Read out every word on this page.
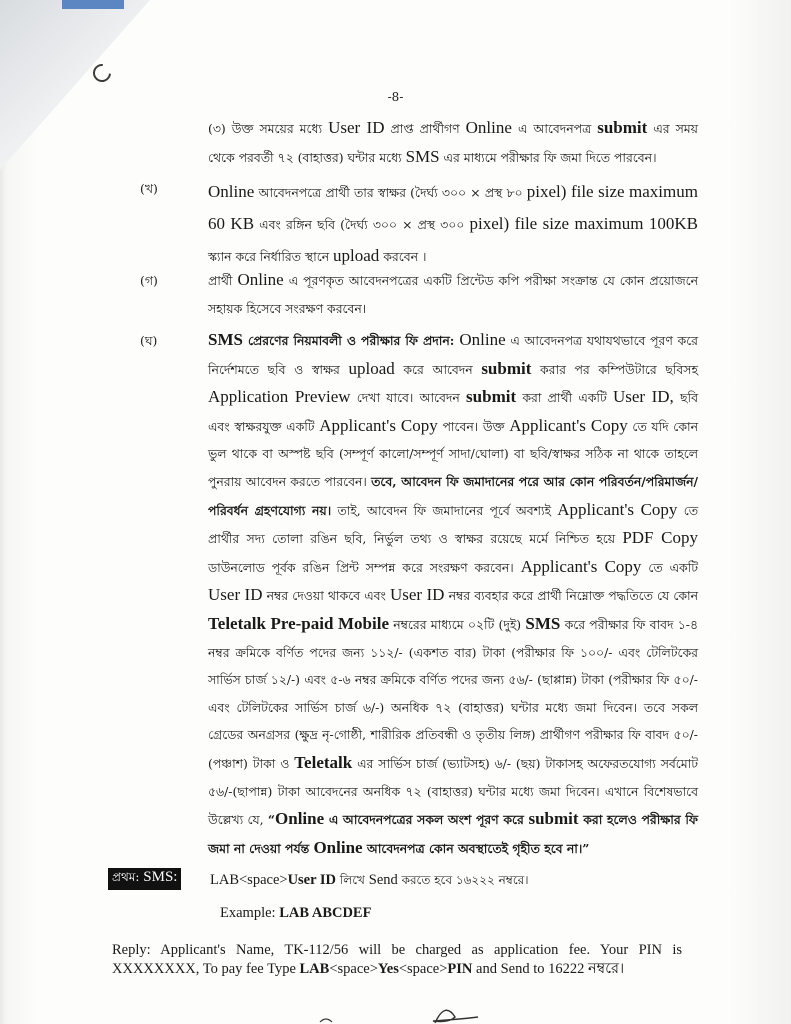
-8-
(৩) উক্ত সময়ের মধ্যে User ID প্রাপ্ত প্রার্থীগণ Online এ আবেদনপত্র submit এর সময় থেকে পরবর্তী ৭২ (বাহাত্তর) ঘন্টার মধ্যে SMS এর মাধ্যমে পরীক্ষার ফি জমা দিতে পারবেন।
(খ)	Online আবেদনপত্রে প্রার্থী তার স্বাক্ষর (দৈর্ঘ্য ৩০০ × প্রস্থ ৮০ pixel) file size maximum 60 KB এবং রঙ্গিন ছবি (দৈর্ঘ্য ৩০০ × প্রস্থ ৩০০ pixel) file size maximum 100KB স্ক্যান করে নির্ধারিত স্থানে upload করবেন ।
(গ)	প্রার্থী Online এ পূরণকৃত আবেদনপত্রের একটি প্রিন্টেড কপি পরীক্ষা সংক্রান্ত যে কোন প্রয়োজনে সহায়ক হিসেবে সংরক্ষণ করবেন।
(ঘ)	SMS প্রেরণের নিয়মাবলী ও পরীক্ষার ফি প্রদান: Online এ আবেদনপত্র যথাযথভাবে পূরণ করে নির্দেশমতে ছবি ও স্বাক্ষর upload করে আবেদন submit করার পর কম্পিউটারে ছবিসহ Application Preview দেখা যাবে। আবেদন submit করা প্রার্থী একটি User ID, ছবি এবং স্বাক্ষরযুক্ত একটি Applicant's Copy পাবেন। উক্ত Applicant's Copy তে যদি কোন ভুল থাকে বা অস্পষ্ট ছবি (সম্পূর্ণ কালো/সম্পূর্ণ সাদা/ঘোলা) বা ছবি/স্বাক্ষর সঠিক না থাকে তাহলে পুনরায় আবেদন করতে পারবেন। তবে, আবেদন ফি জমাদানের পরে আর কোন পরিবর্তন/পরিমার্জন/পরিবর্ধন গ্রহণযোগ্য নয়। তাই, আবেদন ফি জমাদানের পূর্বে অবশ্যই Applicant's Copy তে প্রার্থীর সদ্য তোলা রঙিন ছবি, নির্ভুল তথ্য ও স্বাক্ষর রয়েছে মর্মে নিশ্চিত হয়ে PDF Copy ডাউনলোড পূর্বক রঙিন প্রিন্ট সম্পন্ন করে সংরক্ষণ করবেন। Applicant's Copy তে একটি User ID নম্বর দেওয়া থাকবে এবং User ID নম্বর ব্যবহার করে প্রার্থী নিম্নোক্ত পদ্ধতিতে যে কোন Teletalk Pre-paid Mobile নম্বরের মাধ্যমে ০২টি (দুই) SMS করে পরীক্ষার ফি বাবদ ১-৪ নম্বর ক্রমিকে বর্ণিত পদের জন্য ১১২/- (একশত বার) টাকা (পরীক্ষার ফি ১০০/- এবং টেলিটকের সার্ভিস চার্জ ১২/-) এবং ৫-৬ নম্বর ক্রমিকে বর্ণিত পদের জন্য ৫৬/- (ছাপ্পান্ন) টাকা (পরীক্ষার ফি ৫০/- এবং টেলিটকের সার্ভিস চার্জ ৬/-) অনধিক ৭২ (বাহাত্তর) ঘন্টার মধ্যে জমা দিবেন। তবে সকল গ্রেডের অনগ্রসর (ক্ষুদ্র নৃ-গোষ্ঠী, শারীরিক প্রতিবন্ধী ও তৃতীয় লিঙ্গ) প্রার্থীগণ পরীক্ষার ফি বাবদ ৫০/-(পঞ্চাশ) টাকা ও Teletalk এর সার্ভিস চার্জ (ভ্যাটসহ) ৬/- (ছয়) টাকাসহ অফেরতযোগ্য সর্বমোট ৫৬/-(ছাপান্ন) টাকা আবেদনের অনধিক ৭২ (বাহাত্তর) ঘন্টার মধ্যে জমা দিবেন। এখানে বিশেষভাবে উল্লেখ্য যে, “Online এ আবেদনপত্রের সকল অংশ পূরণ করে submit করা হলেও পরীক্ষার ফি জমা না দেওয়া পর্যন্ত Online আবেদনপত্র কোন অবস্থাতেই গৃহীত হবে না।”
প্রথম: SMS: LAB<space>User ID লিখে Send করতে হবে ১৬২২২ নম্বরে।
Example: LAB ABCDEF
Reply: Applicant's Name, TK-112/56 will be charged as application fee. Your PIN is XXXXXXXX, To pay fee Type LAB<space>Yes<space>PIN and Send to 16222 নম্বরে।
